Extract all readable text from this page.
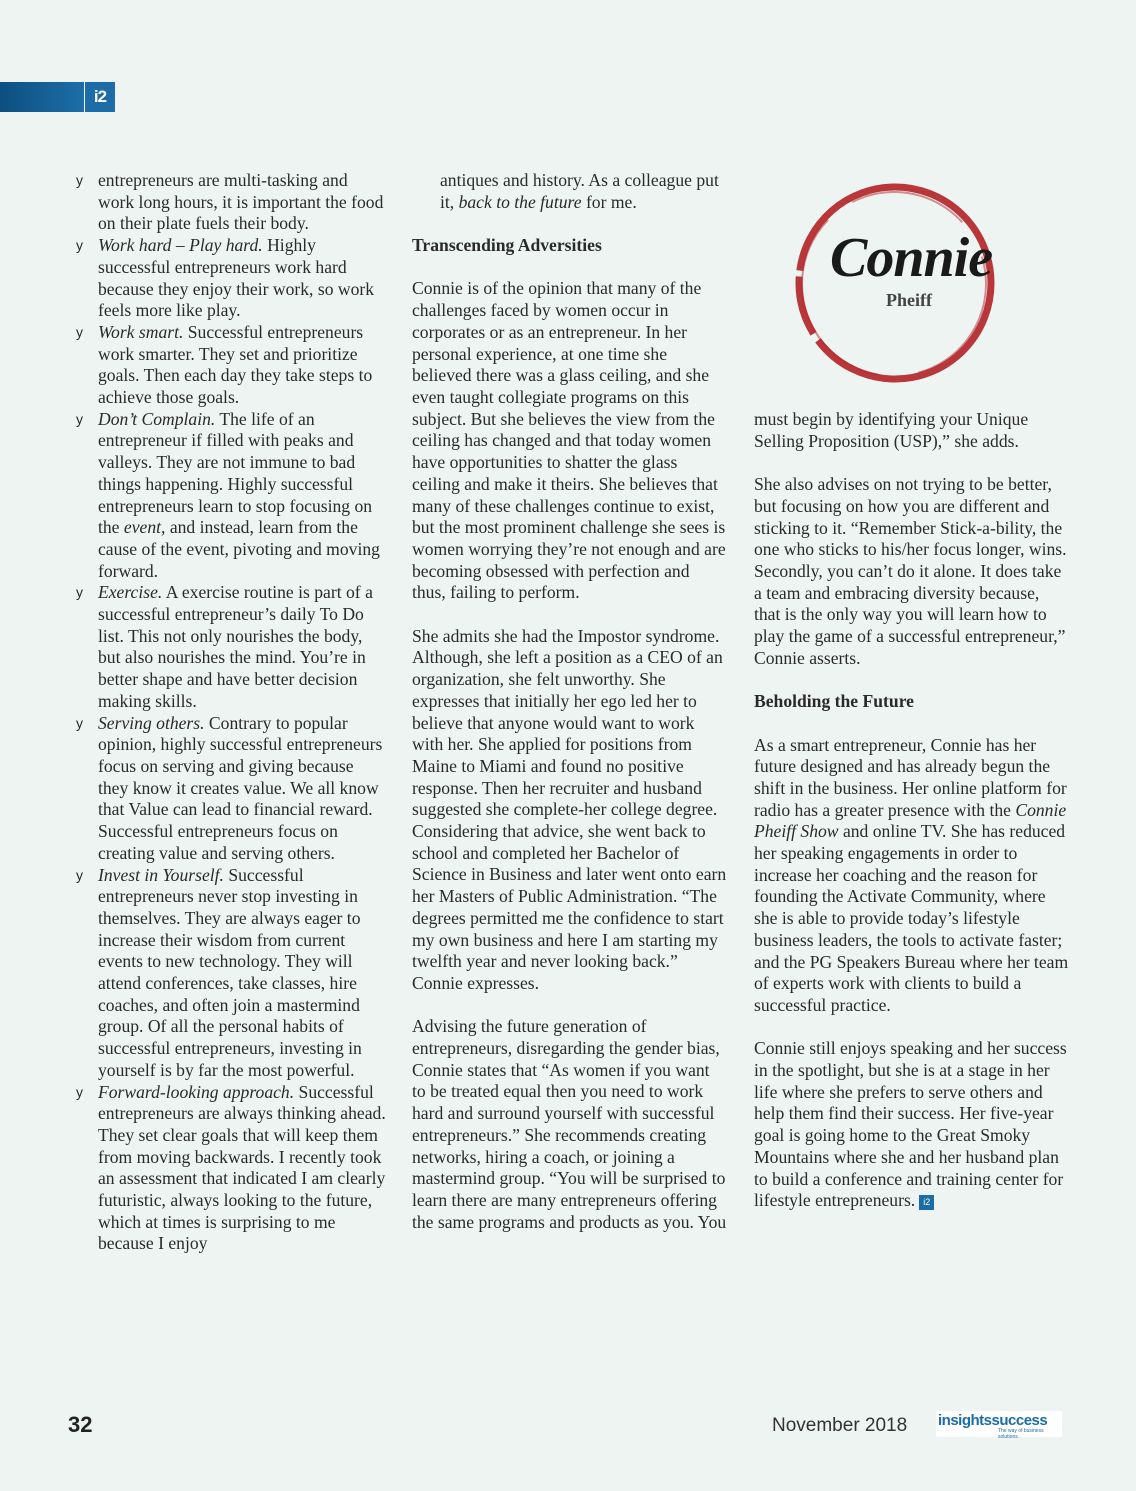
i2
y entrepreneurs are multi-tasking and work long hours, it is important the food on their plate fuels their body.
y Work hard – Play hard. Highly successful entrepreneurs work hard because they enjoy their work, so work feels more like play.
y Work smart. Successful entrepreneurs work smarter. They set and prioritize goals. Then each day they take steps to achieve those goals.
y Don’t Complain. The life of an entrepreneur if filled with peaks and valleys. They are not immune to bad things happening. Highly successful entrepreneurs learn to stop focusing on the event, and instead, learn from the cause of the event, pivoting and moving forward.
y Exercise. A exercise routine is part of a successful entrepreneur’s daily To Do list. This not only nourishes the body, but also nourishes the mind. You’re in better shape and have better decision making skills.
y Serving others. Contrary to popular opinion, highly successful entrepreneurs focus on serving and giving because they know it creates value. We all know that Value can lead to financial reward. Successful entrepreneurs focus on creating value and serving others.
y Invest in Yourself. Successful entrepreneurs never stop investing in themselves. They are always eager to increase their wisdom from current events to new technology. They will attend conferences, take classes, hire coaches, and often join a mastermind group. Of all the personal habits of successful entrepreneurs, investing in yourself is by far the most powerful.
y Forward-looking approach. Successful entrepreneurs are always thinking ahead. They set clear goals that will keep them from moving backwards. I recently took an assessment that indicated I am clearly futuristic, always looking to the future, which at times is surprising to me because I enjoy

antiques and history. As a colleague put it, back to the future for me.

Transcending Adversities

Connie is of the opinion that many of the challenges faced by women occur in corporates or as an entrepreneur. In her personal experience, at one time she believed there was a glass ceiling, and she even taught collegiate programs on this subject. But she believes the view from the ceiling has changed and that today women have opportunities to shatter the glass ceiling and make it theirs. She believes that many of these challenges continue to exist, but the most prominent challenge she sees is women worrying they’re not enough and are becoming obsessed with perfection and thus, failing to perform.

She admits she had the Impostor syndrome. Although, she left a position as a CEO of an organization, she felt unworthy. She expresses that initially her ego led her to believe that anyone would want to work with her. She applied for positions from Maine to Miami and found no positive response. Then her recruiter and husband suggested she complete-her college degree. Considering that advice, she went back to school and completed her Bachelor of Science in Business and later went onto earn her Masters of Public Administration. “The degrees permitted me the confidence to start my own business and here I am starting my twelfth year and never looking back.” Connie expresses.

Advising the future generation of entrepreneurs, disregarding the gender bias, Connie states that “As women if you want to be treated equal then you need to work hard and surround yourself with successful entrepreneurs.” She recommends creating networks, hiring a coach, or joining a mastermind group. “You will be surprised to learn there are many entrepreneurs offering the same programs and products as you. You

Connie
Pheiff

must begin by identifying your Unique Selling Proposition (USP),” she adds.

She also advises on not trying to be better, but focusing on how you are different and sticking to it. “Remember Stick-a-bility, the one who sticks to his/her focus longer, wins. Secondly, you can’t do it alone. It does take a team and embracing diversity because, that is the only way you will learn how to play the game of a successful entrepreneur,” Connie asserts.

Beholding the Future

As a smart entrepreneur, Connie has her future designed and has already begun the shift in the business. Her online platform for radio has a greater presence with the Connie Pheiff Show and online TV. She has reduced her speaking engagements in order to increase her coaching and the reason for founding the Activate Community, where she is able to provide today’s lifestyle business leaders, the tools to activate faster; and the PG Speakers Bureau where her team of experts work with clients to build a successful practice.

Connie still enjoys speaking and her success in the spotlight, but she is at a stage in her life where she prefers to serve others and help them find their success. Her five-year goal is going home to the Great Smoky Mountains where she and her husband plan to build a conference and training center for lifestyle entrepreneurs. i2

32	November 2018 insightssuccess
The way of business solutions
